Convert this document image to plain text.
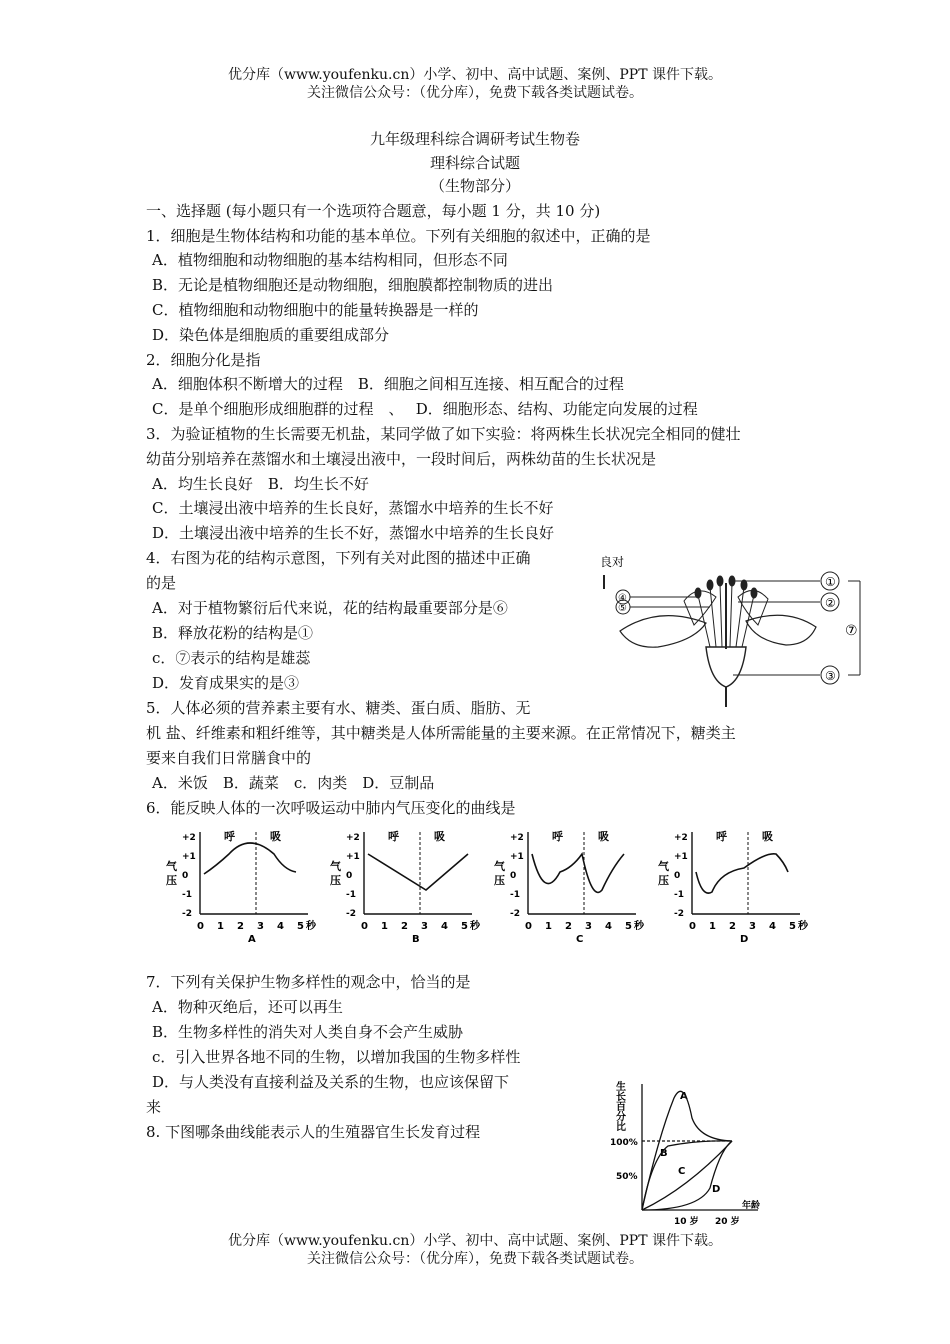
优分库（www.youfenku.cn）小学、初中、高中试题、案例、PPT 课件下载。
关注微信公众号：（优分库），免费下载各类试题试卷。
九年级理科综合调研考试生物卷
理科综合试题
（生物部分）
一、选择题 (每小题只有一个选项符合题意，每小题 1 分，共 10 分)
1．细胞是生物体结构和功能的基本单位。下列有关细胞的叙述中，正确的是
A．植物细胞和动物细胞的基本结构相同，但形态不同
B．无论是植物细胞还是动物细胞，细胞膜都控制物质的进出
C．植物细胞和动物细胞中的能量转换器是一样的
D．染色体是细胞质的重要组成部分
2．细胞分化是指
A．细胞体积不断增大的过程　B．细胞之间相互连接、相互配合的过程
C．是单个细胞形成细胞群的过程　、　 D．细胞形态、结构、功能定向发展的过程
3．为验证植物的生长需要无机盐，某同学做了如下实验：将两株生长状况完全相同的健壮
幼苗分别培养在蒸馏水和土壤浸出液中，一段时间后，两株幼苗的生长状况是
A．均生长良好　B．均生长不好
C．土壤浸出液中培养的生长良好，蒸馏水中培养的生长不好
D．土壤浸出液中培养的生长不好，蒸馏水中培养的生长良好
4．右图为花的结构示意图，下列有关对此图的描述中正确
的是
A．对于植物繁衍后代来说，花的结构最重要部分是⑥
B．释放花粉的结构是①
c．⑦表示的结构是雄蕊
D．发育成果实的是③
良对
①
②
③
④
⑤
⑦
5．人体必须的营养素主要有水、糖类、蛋白质、脂肪、无
机 盐、纤维素和粗纤维等，其中糖类是人体所需能量的主要来源。在正常情况下，糖类主
要来自我们日常膳食中的
A．米饭　B．蔬菜　c．肉类　D．豆制品
6．能反映人体的一次呼吸运动中肺内气压变化的曲线是
+2
+1
0
-1
-2
气
压
0 1 2 3 4 5 秒
呼	吸
A
+2
+1
0
-1
-2
气
压
0 1 2 3 4 5 秒
呼	吸
B
+2
+1
0
-1
-2
气
压
0 1 2 3 4 5 秒
呼	吸
C
+2
+1
0
-1
-2
气
压
0 1 2 3 4 5 秒
呼	吸
D
7．下列有关保护生物多样性的观念中，恰当的是
A．物种灭绝后，还可以再生
B．生物多样性的消失对人类自身不会产生威胁
c．引入世界各地不同的生物，以增加我国的生物多样性
D．与人类没有直接利益及关系的生物，也应该保留下
来
8. 下图哪条曲线能表示人的生殖器官生长发育过程
生
长
百
分
比
100%
50%
10 岁 20 岁
年龄
A
B
C
D
优分库（www.youfenku.cn）小学、初中、高中试题、案例、PPT 课件下载。
关注微信公众号：（优分库），免费下载各类试题试卷。
